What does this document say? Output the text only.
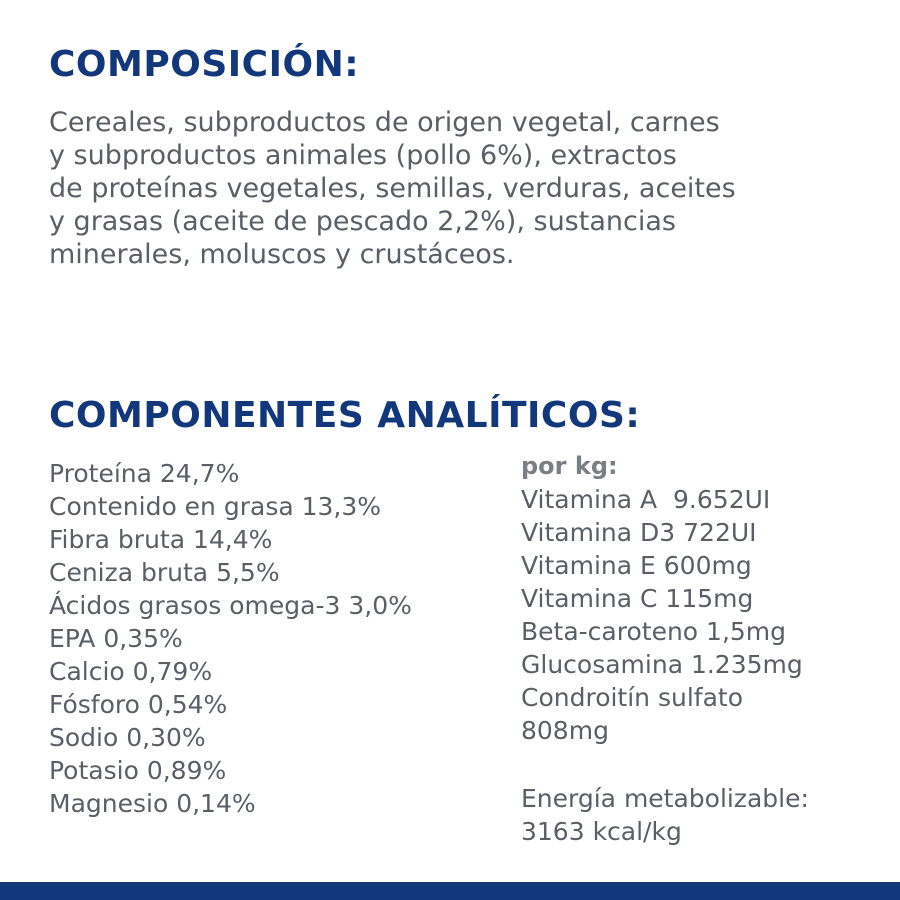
COMPOSICIÓN:
Cereales, subproductos de origen vegetal, carnes
y subproductos animales (pollo 6%), extractos
de proteínas vegetales, semillas, verduras, aceites
y grasas (aceite de pescado 2,2%), sustancias
minerales, moluscos y crustáceos.
COMPONENTES ANALÍTICOS:
Proteína 24,7%
Contenido en grasa 13,3%
Fibra bruta 14,4%
Ceniza bruta 5,5%
Ácidos grasos omega-3 3,0%
EPA 0,35%
Calcio 0,79%
Fósforo 0,54%
Sodio 0,30%
Potasio 0,89%
Magnesio 0,14%
por kg:
Vitamina A  9.652UI
Vitamina D3 722UI
Vitamina E 600mg
Vitamina C 115mg
Beta-caroteno 1,5mg
Glucosamina 1.235mg
Condroitín sulfato
808mg
Energía metabolizable:
3163 kcal/kg
